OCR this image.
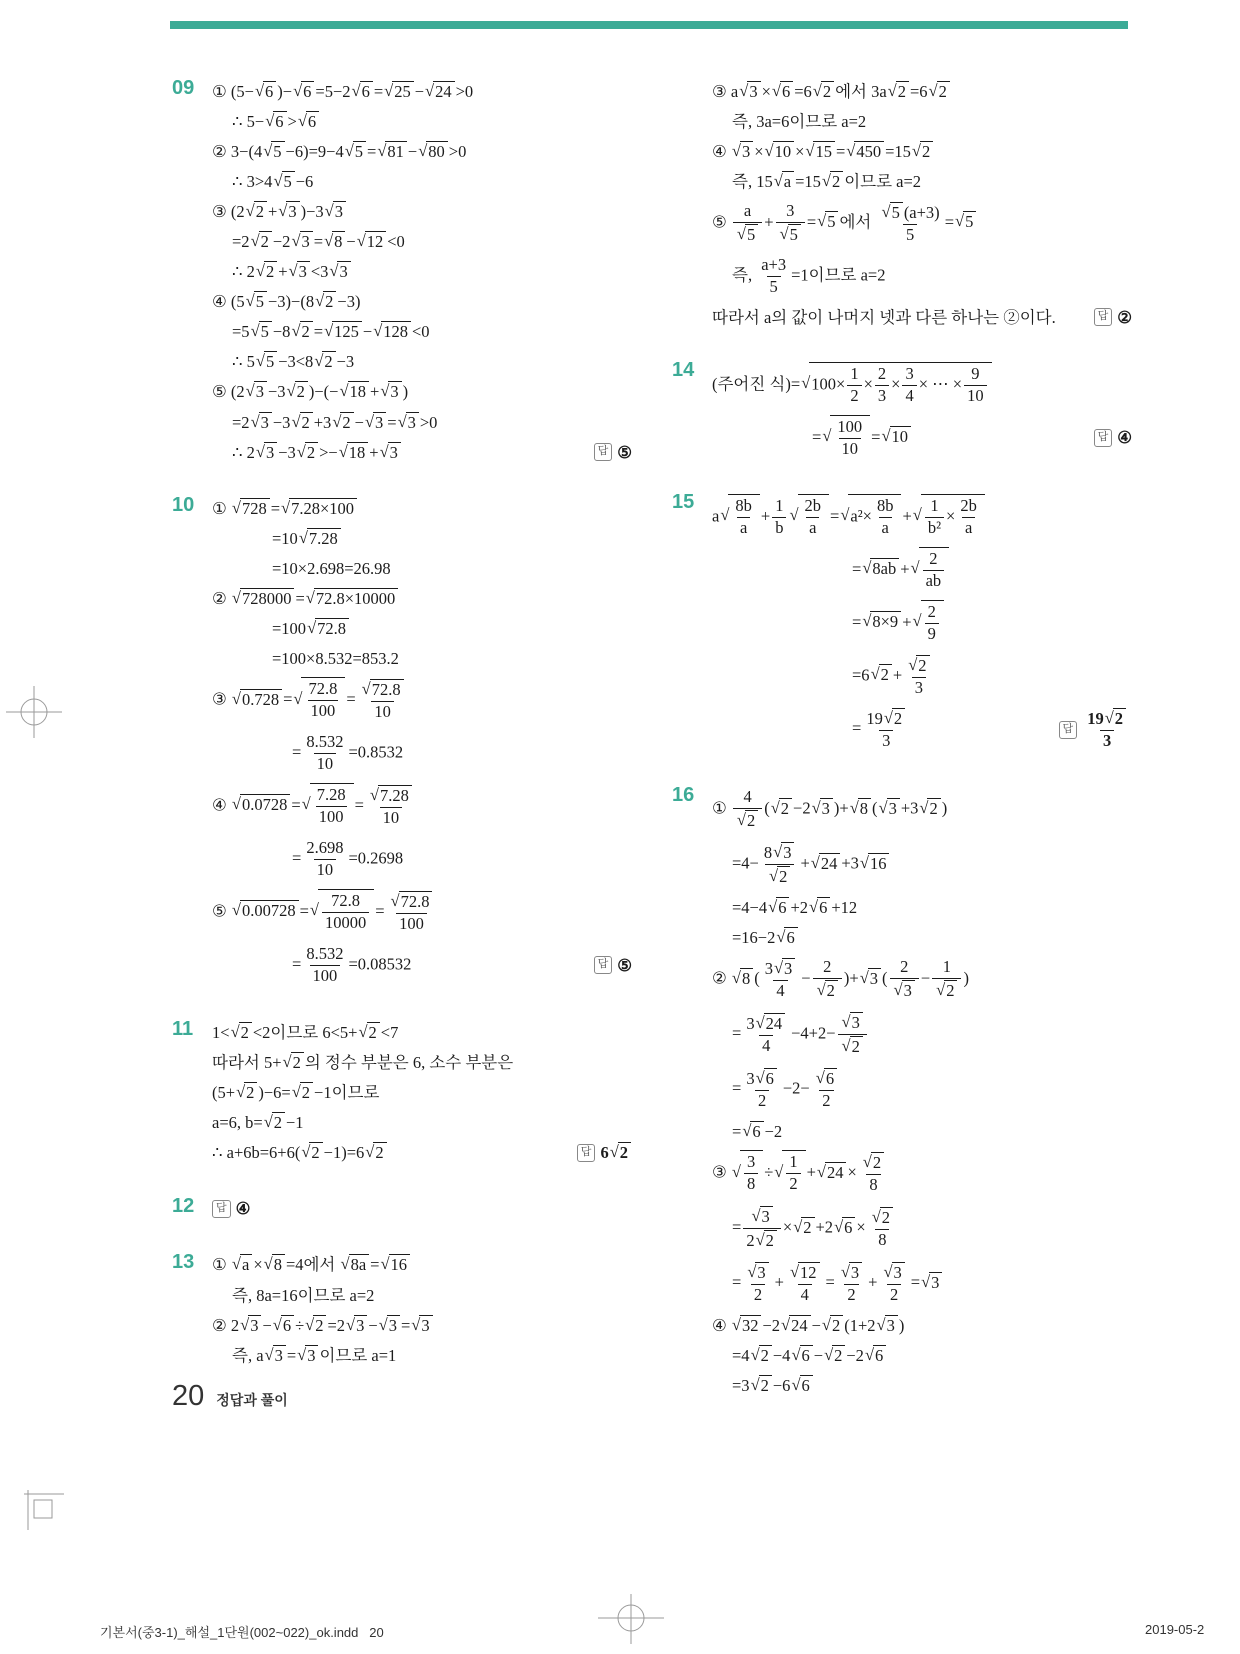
09	① (5−√6 )−√6 =5−2√6 =√25 −√24 >0
∴ 5−√6 >√6
② 3−(4√5 −6)=9−4√5 =√81 −√80 >0
∴ 3>4√5 −6
③ (2√2 +√3 )−3√3
=2√2 −2√3 =√8 −√12 <0
∴ 2√2 +√3 <3√3
④ (5√5 −3)−(8√2 −3)
=5√5 −8√2 =√125 −√128 <0
∴ 5√5 −3<8√2 −3
⑤ (2√3 −3√2 )−(−√18 +√3 )
=2√3 −3√2 +3√2 −√3 =√3 >0
∴ 2√3 −3√2 >−√18 +√3	답 ⑤
10	① √728 =√7.28×100
=10√7.28
=10×2.698=26.98
② √728000 =√72.8×10000
=100√72.8
=100×8.532=853.2
③ √0.728 =√ $\frac{72.8}{100} = \frac{√72.8}{10}$
= $\frac{8.532}{10} =0.8532$
④ √0.0728 =√ $\frac{7.28}{100} = \frac{√7.28}{10}$
= $\frac{2.698}{10} =0.2698$
⑤ √0.00728 =√ $\frac{72.8}{10000} = \frac{√72.8}{100}$
= $\frac{8.532}{100} =0.08532$	답 ⑤
11	1<√2 <2이므로 6<5+√2 <7
따라서 5+√2 의 정수 부분은 6, 소수 부분은
(5+√2 )−6=√2 −1이므로
a=6, b=√2 −1
∴ a+6b=6+6(√2 −1)=6√2	답 6√2
12	답 ④
13	① √a ×√8 =4에서 √8a =√16
즉, 8a=16이므로 a=2
② 2√3 −√6 ÷√2 =2√3 −√3 =√3
즉, a√3 =√3 이므로 a=1
③ a√3 ×√6 =6√2 에서 3a√2 =6√2
즉, 3a=6이므로 a=2
④ √3 ×√10 ×√15 =√450 =15√2
즉, 15√a =15√2 이므로 a=2
⑤ $\frac{a}{√5} + \frac{3}{√5} =√5$ 에서 $\frac{√5 (a+3)}{5} =√5$
즉, $\frac{a+3}{5} =1$이므로 a=2
따라서 a의 값이 나머지 넷과 다른 하나는 ②이다.	답 ②
14
(주어진 식)$=√100\times \frac{1}{2} \times \frac{2}{3} \times \frac{3}{4}$ × ⋯ × $\frac{9}{10}$
=√ $\frac{100}{10} =√10$	답 ④
15
$a√ \frac{8b}{a} + \frac{1}{b}$ √ $\frac{2b}{a} =√a^2\times \frac{8b}{a}$ +√ $\frac{1}{\text{b²}} \times \frac{2b}{a}$
=√8ab +√ $\frac{2}{ab}$
=√8×9 +√ $\frac{2}{9}$
$=6√2 + \frac{√2}{3}$
= $\frac{19√2}{3}$	답 $\frac{19√2}{3}$
16
① $\frac{4}{√2} (√2 -2√3$ )+√8 (√3 +3√2 )
$=4- \frac{8√3}{√2} +√24 +3√16$
=4−4√6 +2√6 +12
=16−2√6
② √8 ( $\frac{3√3}{4} - \frac{2}{√2} )+√3$ ( $\frac{2}{√3} - \frac{1}{√2}$ )
= $\frac{3√24}{4} -4+2- \frac{√3}{√2}$
= $\frac{3√6}{2} -2- \frac{√6}{2}$
=√6 −2
③ √ $\frac{3}{8}$ ÷√ $\frac{1}{2} +√24 \times \frac{√2}{8}$
= $\frac{√3}{2√2} \times√2 +2√6 \times \frac{√2}{8}$
= $\frac{√3}{2} + \frac{√12}{4} = \frac{√3}{2} + \frac{√3}{2} =√3$
④ √32 −2√24 −√2 (1+2√3 )
=4√2 −4√6 −√2 −2√6
=3√2 −6√6
20 정답과 풀이
기본서(중3-1)_해설_1단원(002~022)_ok.indd   20	2019-05-2
